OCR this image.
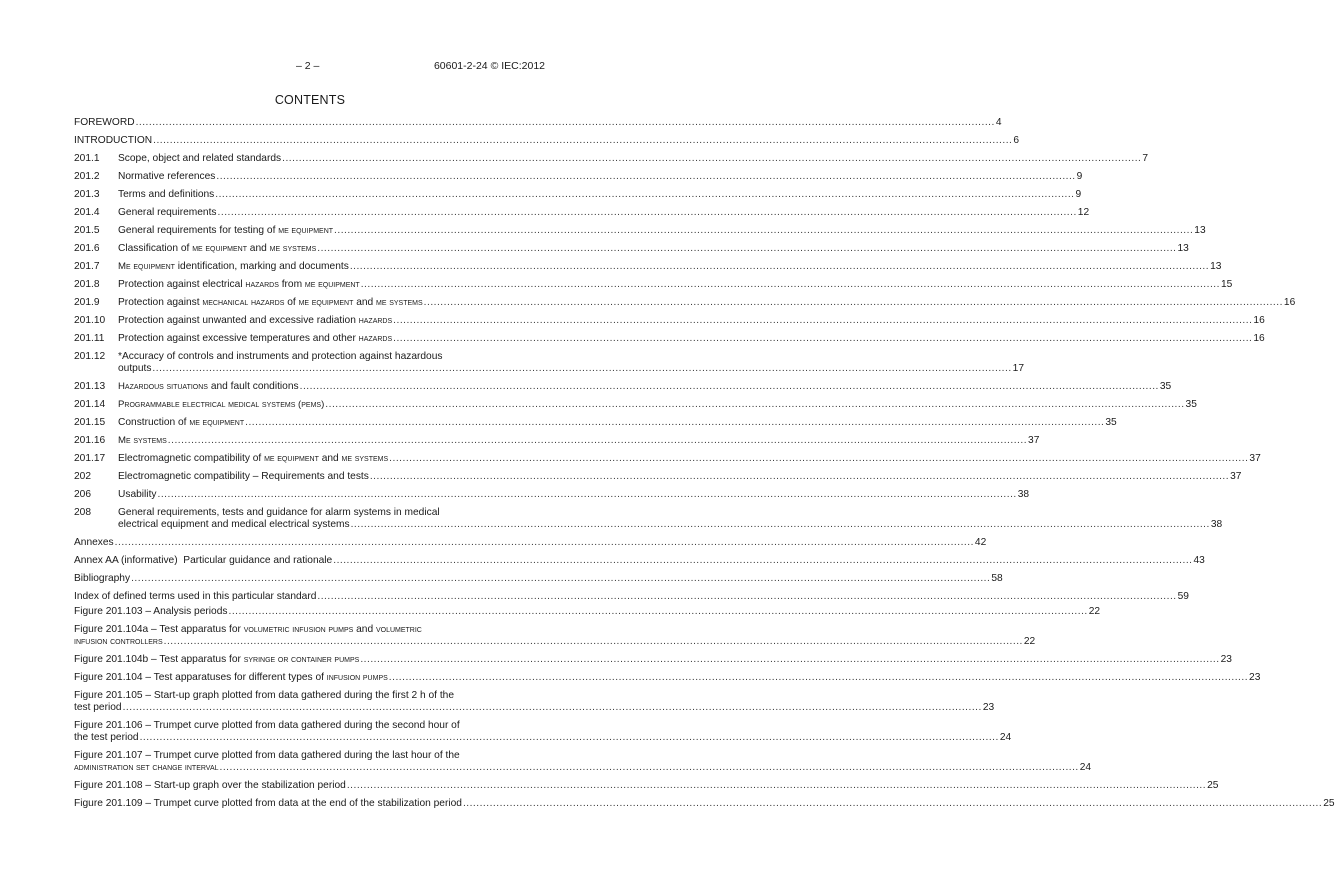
– 2 –	60601-2-24 © IEC:2012
CONTENTS
FOREWORD .....	4
INTRODUCTION .....	6
201.1	Scope, object and related standards .....	7
201.2	Normative references .....	9
201.3	Terms and definitions .....	9
201.4	General requirements .....	12
201.5	General requirements for testing of me equipment .....	13
201.6	Classification of me equipment and me systems .....	13
201.7	Me equipment identification, marking and documents .....	13
201.8	Protection against electrical hazards from me equipment .....	15
201.9	Protection against mechanical hazards of me equipment and me systems .....	16
201.10	Protection against unwanted and excessive radiation hazards .....	16
201.11	Protection against excessive temperatures and other hazards .....	16
201.12	*Accuracy of controls and instruments and protection against hazardous
outputs .....	17
201.13	Hazardous situations and fault conditions .....	35
201.14	Programmable electrical medical systems (pems) .....	35
201.15	Construction of me equipment .....	35
201.16	Me systems .....	37
201.17	Electromagnetic compatibility of me equipment and me systems .....	37
202	Electromagnetic compatibility – Requirements and tests .....	37
206	Usability .....	38
208	General requirements, tests and guidance for alarm systems in medical
electrical equipment and medical electrical systems .....	38
Annexes .....	42
Annex AA (informative)  Particular guidance and rationale .....	43
Bibliography .....	58
Index of defined terms used in this particular standard .....	59
Figure 201.103 – Analysis periods .....	22
Figure 201.104a – Test apparatus for volumetric infusion pumps and volumetric
infusion controllers .....	22
Figure 201.104b – Test apparatus for syringe or container pumps .....	23
Figure 201.104 – Test apparatuses for different types of infusion pumps .....	23
Figure 201.105 – Start-up graph plotted from data gathered during the first 2 h of the
test period .....	23
Figure 201.106 – Trumpet curve plotted from data gathered during the second hour of
the test period .....	24
Figure 201.107 – Trumpet curve plotted from data gathered during the last hour of the
administration set change interval .....	24
Figure 201.108 – Start-up graph over the stabilization period .....	25
Figure 201.109 – Trumpet curve plotted from data at the end of the stabilization period .....	25
